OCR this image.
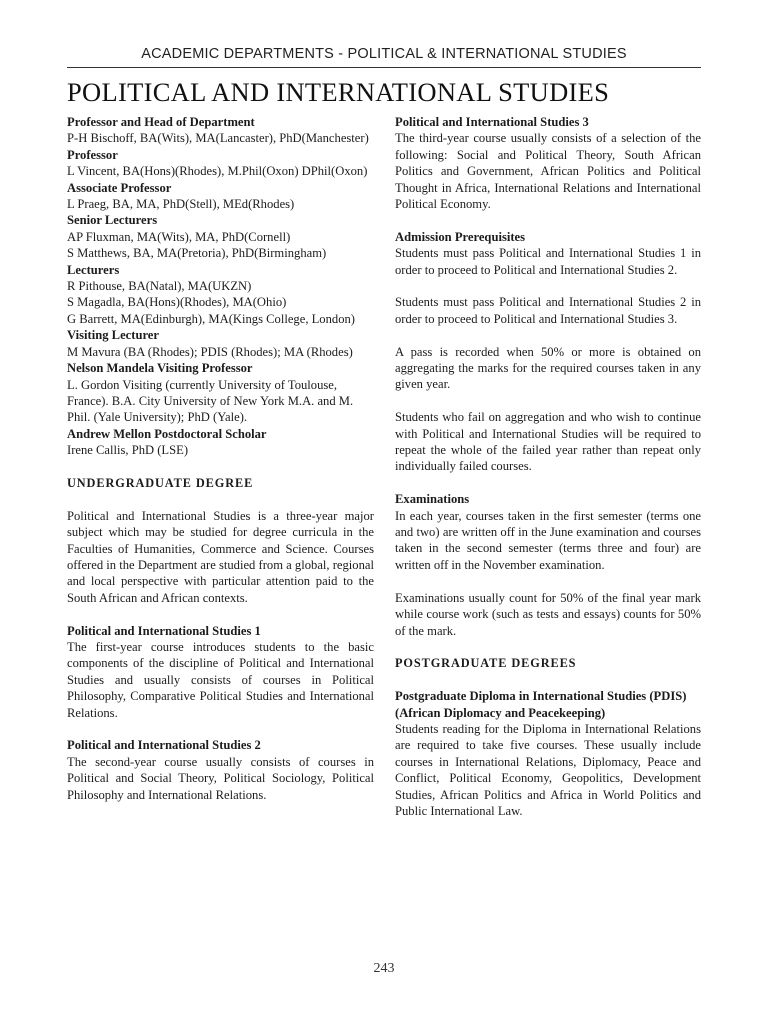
ACADEMIC DEPARTMENTS - POLITICAL & INTERNATIONAL STUDIES
POLITICAL AND INTERNATIONAL STUDIES

Professor and Head of Department

P-H Bischoff, BA(Wits), MA(Lancaster), PhD(Manchester)

Professor

L Vincent, BA(Hons)(Rhodes), M.Phil(Oxon) DPhil(Oxon)

Associate Professor

L Praeg, BA, MA, PhD(Stell), MEd(Rhodes)

Senior Lecturers

AP Fluxman, MA(Wits), MA, PhD(Cornell)

S Matthews, BA, MA(Pretoria), PhD(Birmingham)

Lecturers

R Pithouse, BA(Natal), MA(UKZN)

S Magadla, BA(Hons)(Rhodes), MA(Ohio)

G Barrett, MA(Edinburgh), MA(Kings College, London)

Visiting Lecturer

M Mavura (BA (Rhodes); PDIS (Rhodes); MA (Rhodes)

Nelson Mandela Visiting Professor

L. Gordon Visiting (currently University of Toulouse, France). B.A. City University of New York M.A. and M. Phil. (Yale University); PhD (Yale).

Andrew Mellon Postdoctoral Scholar

Irene Callis, PhD (LSE)

UNDERGRADUATE DEGREE

Political and International Studies is a three-year major subject which may be studied for degree curricula in the Faculties of Humanities, Commerce and Science. Courses offered in the Department are studied from a global, regional and local perspective with particular attention paid to the South African and African contexts.

Political and International Studies 1

The first-year course introduces students to the basic components of the discipline of Political and International Studies and usually consists of courses in Political Philosophy, Comparative Political Studies and International Relations.

Political and International Studies 2

The second-year course usually consists of courses in Political and Social Theory, Political Sociology, Political Philosophy and International Relations.

Political and International Studies 3

The third-year course usually consists of a selection of the following: Social and Political Theory, South African Politics and Government, African Politics and Political Thought in Africa, International Relations and International Political Economy.

Admission Prerequisites

Students must pass Political and International Studies 1 in order to proceed to Political and International Studies 2.

Students must pass Political and International Studies 2 in order to proceed to Political and International Studies 3.

A pass is recorded when 50% or more is obtained on aggregating the marks for the required courses taken in any given year.

Students who fail on aggregation and who wish to continue with Political and International Studies will be required to repeat the whole of the failed year rather than repeat only individually failed courses.

Examinations

In each year, courses taken in the first semester (terms one and two) are written off in the June examination and courses taken in the second semester (terms three and four) are written off in the November examination.

Examinations usually count for 50% of the final year mark while course work (such as tests and essays) counts for 50% of the mark.

POSTGRADUATE DEGREES

Postgraduate Diploma in International Studies (PDIS)(African Diplomacy and Peacekeeping)

Students reading for the Diploma in International Relations are required to take five courses. These usually include courses in International Relations, Diplomacy, Peace and Conflict, Political Economy, Geopolitics, Development Studies, African Politics and Africa in World Politics and Public International Law.

243
